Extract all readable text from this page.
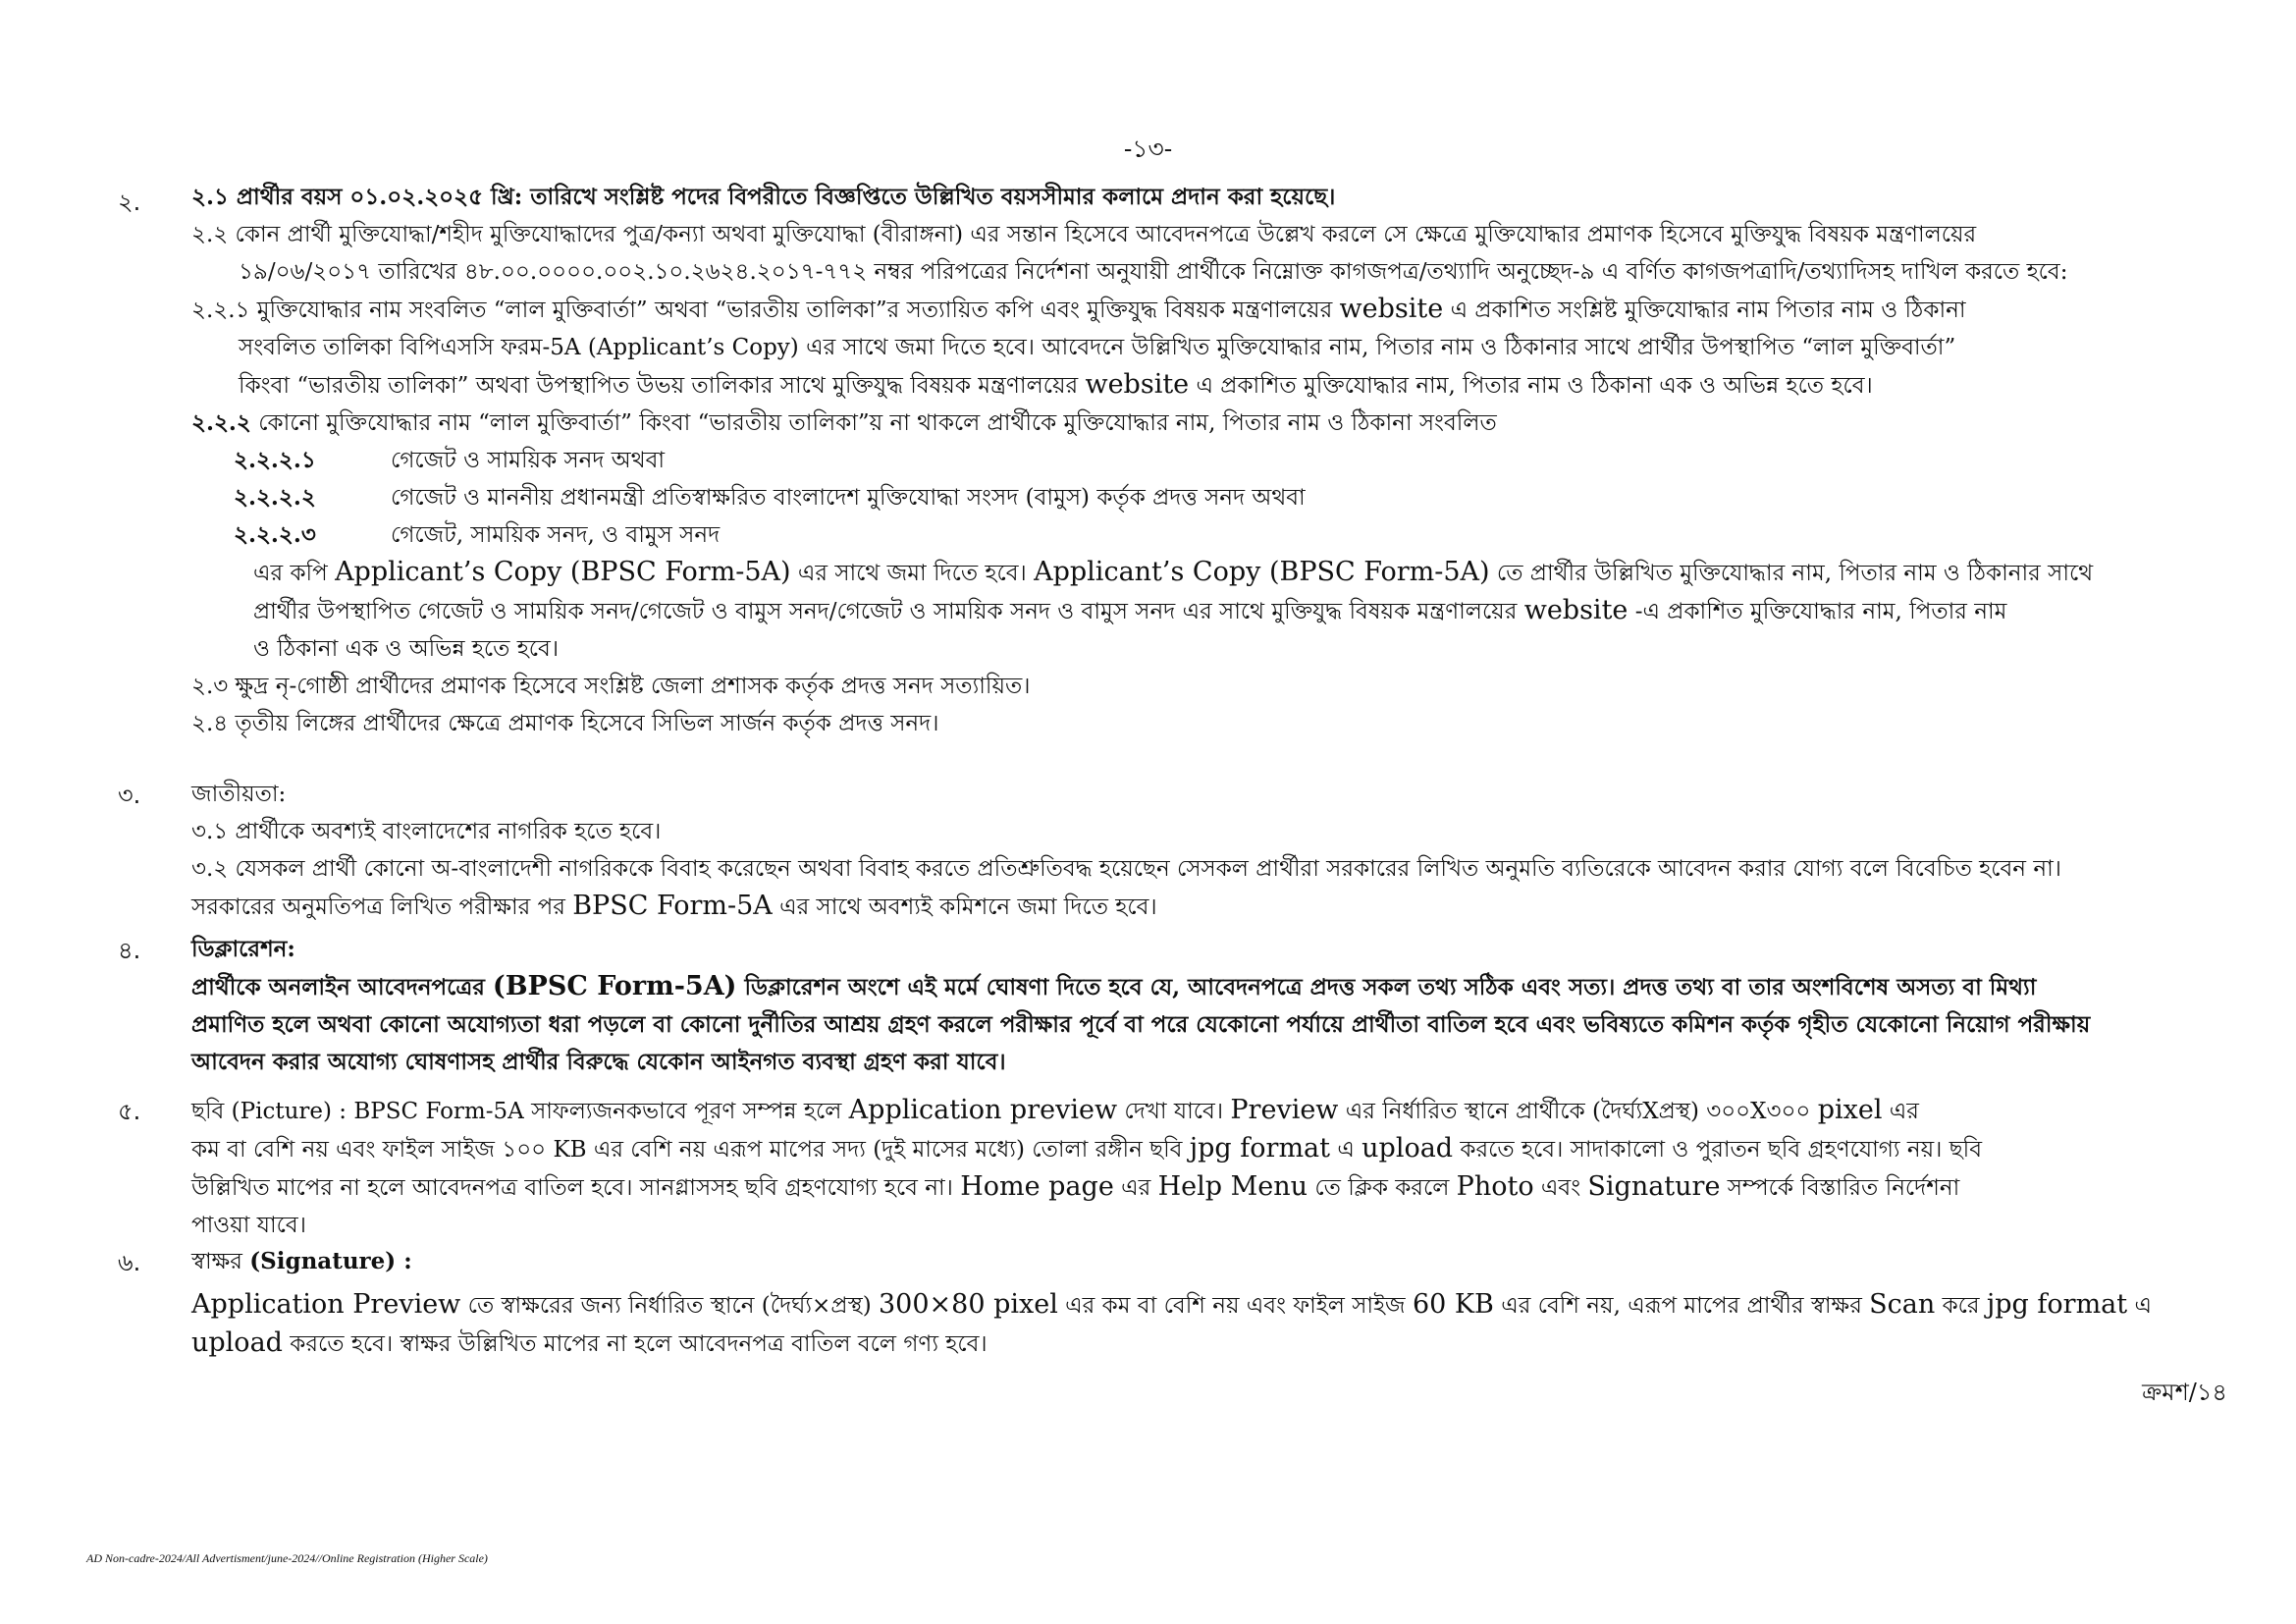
-১৩-
২. ২.১ প্রার্থীর বয়স ০১.০২.২০২৫ খ্রি: তারিখে সংশ্লিষ্ট পদের বিপরীতে বিজ্ঞপ্তিতে উল্লিখিত বয়সসীমার কলামে প্রদান করা হয়েছে।
২.২ কোন প্রার্থী মুক্তিযোদ্ধা/শহীদ মুক্তিযোদ্ধাদের পুত্র/কন্যা অথবা মুক্তিযোদ্ধা (বীরাঙ্গনা) এর সন্তান হিসেবে আবেদনপত্রে উল্লেখ করলে সে ক্ষেত্রে মুক্তিযোদ্ধার প্রমাণক হিসেবে মুক্তিযুদ্ধ বিষয়ক মন্ত্রণালয়ের
১৯/০৬/২০১৭ তারিখের ৪৮.০০.০০০০.০০২.১০.২৬২৪.২০১৭-৭৭২ নম্বর পরিপত্রের নির্দেশনা অনুযায়ী প্রার্থীকে নিম্নোক্ত কাগজপত্র/তথ্যাদি অনুচ্ছেদ-৯ এ বর্ণিত কাগজপত্রাদি/তথ্যাদিসহ দাখিল করতে হবে:
২.২.১ মুক্তিযোদ্ধার নাম সংবলিত “লাল মুক্তিবার্তা” অথবা “ভারতীয় তালিকা”র সত্যায়িত কপি এবং মুক্তিযুদ্ধ বিষয়ক মন্ত্রণালয়ের website এ প্রকাশিত সংশ্লিষ্ট মুক্তিযোদ্ধার নাম পিতার নাম ও ঠিকানা
সংবলিত তালিকা বিপিএসসি ফরম-5A (Applicant’s Copy) এর সাথে জমা দিতে হবে। আবেদনে উল্লিখিত মুক্তিযোদ্ধার নাম, পিতার নাম ও ঠিকানার সাথে প্রার্থীর উপস্থাপিত “লাল মুক্তিবার্তা”
কিংবা “ভারতীয় তালিকা” অথবা উপস্থাপিত উভয় তালিকার সাথে মুক্তিযুদ্ধ বিষয়ক মন্ত্রণালয়ের website এ প্রকাশিত মুক্তিযোদ্ধার নাম, পিতার নাম ও ঠিকানা এক ও অভিন্ন হতে হবে।
২.২.২ কোনো মুক্তিযোদ্ধার নাম “লাল মুক্তিবার্তা” কিংবা “ভারতীয় তালিকা”য় না থাকলে প্রার্থীকে মুক্তিযোদ্ধার নাম, পিতার নাম ও ঠিকানা সংবলিত
২.২.২.১	গেজেট ও সাময়িক সনদ অথবা
২.২.২.২	গেজেট ও মাননীয় প্রধানমন্ত্রী প্রতিস্বাক্ষরিত বাংলাদেশ মুক্তিযোদ্ধা সংসদ (বামুস) কর্তৃক প্রদত্ত সনদ অথবা
২.২.২.৩	গেজেট, সাময়িক সনদ, ও বামুস সনদ
এর কপি Applicant’s Copy (BPSC Form-5A) এর সাথে জমা দিতে হবে। Applicant’s Copy (BPSC Form-5A) তে প্রার্থীর উল্লিখিত মুক্তিযোদ্ধার নাম, পিতার নাম ও ঠিকানার সাথে
প্রার্থীর উপস্থাপিত গেজেট ও সাময়িক সনদ/গেজেট ও বামুস সনদ/গেজেট ও সাময়িক সনদ ও বামুস সনদ এর সাথে মুক্তিযুদ্ধ বিষয়ক মন্ত্রণালয়ের website -এ প্রকাশিত মুক্তিযোদ্ধার নাম, পিতার নাম
ও ঠিকানা এক ও অভিন্ন হতে হবে।
২.৩ ক্ষুদ্র নৃ-গোষ্ঠী প্রার্থীদের প্রমাণক হিসেবে সংশ্লিষ্ট জেলা প্রশাসক কর্তৃক প্রদত্ত সনদ সত্যায়িত।
২.৪ তৃতীয় লিঙ্গের প্রার্থীদের ক্ষেত্রে প্রমাণক হিসেবে সিভিল সার্জন কর্তৃক প্রদত্ত সনদ।
৩. জাতীয়তা:
৩.১ প্রার্থীকে অবশ্যই বাংলাদেশের নাগরিক হতে হবে।
৩.২ যেসকল প্রার্থী কোনো অ-বাংলাদেশী নাগরিককে বিবাহ করেছেন অথবা বিবাহ করতে প্রতিশ্রুতিবদ্ধ হয়েছেন সেসকল প্রার্থীরা সরকারের লিখিত অনুমতি ব্যতিরেকে আবেদন করার যোগ্য বলে বিবেচিত হবেন না।
সরকারের অনুমতিপত্র লিখিত পরীক্ষার পর BPSC Form-5A এর সাথে অবশ্যই কমিশনে জমা দিতে হবে।
৪. ডিক্লারেশন:
প্রার্থীকে অনলাইন আবেদনপত্রের (BPSC Form-5A) ডিক্লারেশন অংশে এই মর্মে ঘোষণা দিতে হবে যে, আবেদনপত্রে প্রদত্ত সকল তথ্য সঠিক এবং সত্য। প্রদত্ত তথ্য বা তার অংশবিশেষ অসত্য বা মিথ্যা
প্রমাণিত হলে অথবা কোনো অযোগ্যতা ধরা পড়লে বা কোনো দুর্নীতির আশ্রয় গ্রহণ করলে পরীক্ষার পূর্বে বা পরে যেকোনো পর্যায়ে প্রার্থীতা বাতিল হবে এবং ভবিষ্যতে কমিশন কর্তৃক গৃহীত যেকোনো নিয়োগ পরীক্ষায়
আবেদন করার অযোগ্য ঘোষণাসহ প্রার্থীর বিরুদ্ধে যেকোন আইনগত ব্যবস্থা গ্রহণ করা যাবে।
৫. ছবি (Picture) : BPSC Form-5A সাফল্যজনকভাবে পূরণ সম্পন্ন হলে Application preview দেখা যাবে। Preview এর নির্ধারিত স্থানে প্রার্থীকে (দৈর্ঘ্যXপ্রস্থ) ৩০০X৩০০ pixel এর
কম বা বেশি নয় এবং ফাইল সাইজ ১০০ KB এর বেশি নয় এরূপ মাপের সদ্য (দুই মাসের মধ্যে) তোলা রঙ্গীন ছবি jpg format এ upload করতে হবে। সাদাকালো ও পুরাতন ছবি গ্রহণযোগ্য নয়। ছবি
উল্লিখিত মাপের না হলে আবেদনপত্র বাতিল হবে। সানগ্লাসসহ ছবি গ্রহণযোগ্য হবে না। Home page এর Help Menu তে ক্লিক করলে Photo এবং Signature সম্পর্কে বিস্তারিত নির্দেশনা
পাওয়া যাবে।
৬. স্বাক্ষর (Signature) :
Application Preview তে স্বাক্ষরের জন্য নির্ধারিত স্থানে (দৈর্ঘ্য×প্রস্থ) 300×80 pixel এর কম বা বেশি নয় এবং ফাইল সাইজ 60 KB এর বেশি নয়, এরূপ মাপের প্রার্থীর স্বাক্ষর Scan করে jpg format এ
upload করতে হবে। স্বাক্ষর উল্লিখিত মাপের না হলে আবেদনপত্র বাতিল বলে গণ্য হবে।
ক্রমশ/১৪
AD Non-cadre-2024/All Advertisment/june-2024//Online Registration (Higher Scale)
